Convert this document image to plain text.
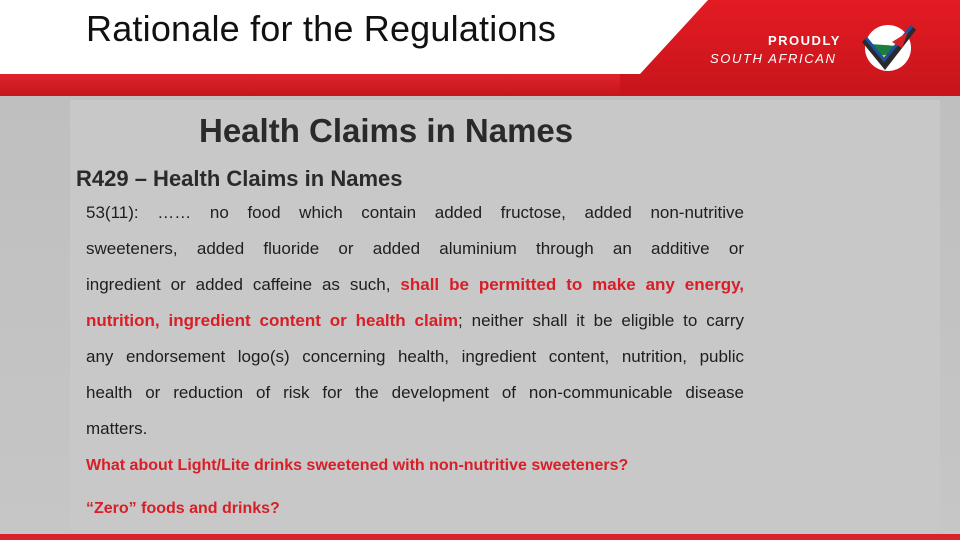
Rationale for the Regulations	PROUDLY
SOUTH AFRICAN
Health Claims in Names
R429 – Health Claims in Names
53(11): …… no food which contain added fructose, added non-nutritive
sweeteners, added fluoride or added aluminium through an additive or
ingredient or added caffeine as such, shall be permitted to make any energy,
nutrition, ingredient content or health claim; neither shall it be eligible to carry
any endorsement logo(s) concerning health, ingredient content, nutrition, public
health or reduction of risk for the development of non-communicable disease
matters.
What about Light/Lite drinks sweetened with non-nutritive sweeteners?
“Zero” foods and drinks?
